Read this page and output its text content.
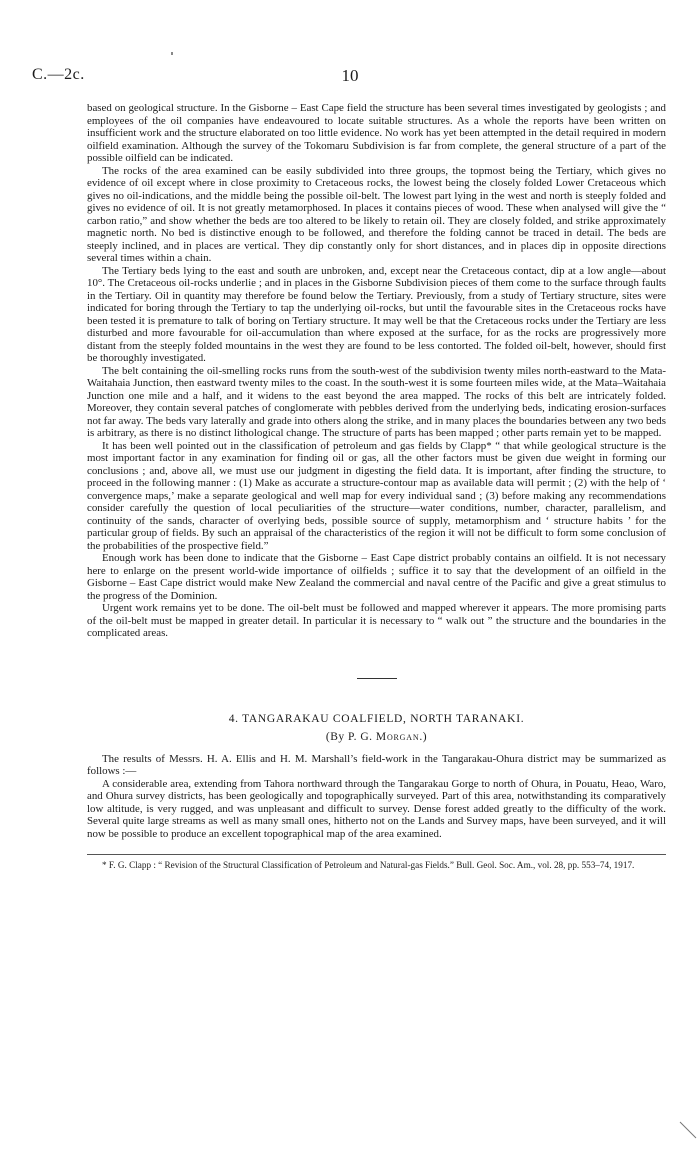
C.—2c.	10

based on geological structure. In the Gisborne – East Cape field the structure has been several times investigated by geologists ; and employees of the oil companies have endeavoured to locate suitable structures. As a whole the reports have been written on insufficient work and the structure elaborated on too little evidence. No work has yet been attempted in the detail required in modern oilfield examination. Although the survey of the Tokomaru Subdivision is far from complete, the general structure of a part of the possible oilfield can be indicated.

The rocks of the area examined can be easily subdivided into three groups, the topmost being the Tertiary, which gives no evidence of oil except where in close proximity to Cretaceous rocks, the lowest being the closely folded Lower Cretaceous which gives no oil-indications, and the middle being the possible oil-belt. The lowest part lying in the west and north is steeply folded and gives no evidence of oil. It is not greatly metamorphosed. In places it contains pieces of wood. These when analysed will give the “ carbon ratio,” and show whether the beds are too altered to be likely to retain oil. They are closely folded, and strike approximately magnetic north. No bed is distinctive enough to be followed, and therefore the folding cannot be traced in detail. The beds are steeply inclined, and in places are vertical. They dip constantly only for short distances, and in places dip in opposite directions several times within a chain.

The Tertiary beds lying to the east and south are unbroken, and, except near the Cretaceous contact, dip at a low angle—about 10°. The Cretaceous oil-rocks underlie ; and in places in the Gisborne Subdivision pieces of them come to the surface through faults in the Tertiary. Oil in quantity may therefore be found below the Tertiary. Previously, from a study of Tertiary structure, sites were indicated for boring through the Tertiary to tap the underlying oil-rocks, but until the favourable sites in the Cretaceous rocks have been tested it is premature to talk of boring on Tertiary structure. It may well be that the Cretaceous rocks under the Tertiary are less disturbed and more favourable for oil-accumulation than where exposed at the surface, for as the rocks are progressively more distant from the steeply folded mountains in the west they are found to be less contorted. The folded oil-belt, however, should first be thoroughly investigated.

The belt containing the oil-smelling rocks runs from the south-west of the subdivision twenty miles north-eastward to the Mata-Waitahaia Junction, then eastward twenty miles to the coast. In the south-west it is some fourteen miles wide, at the Mata–Waitahaia Junction one mile and a half, and it widens to the east beyond the area mapped. The rocks of this belt are intricately folded. Moreover, they contain several patches of conglomerate with pebbles derived from the underlying beds, indicating erosion-surfaces not far away. The beds vary laterally and grade into others along the strike, and in many places the boundaries between any two beds is arbitrary, as there is no distinct lithological change. The structure of parts has been mapped ; other parts remain yet to be mapped.

It has been well pointed out in the classification of petroleum and gas fields by Clapp* “ that while geological structure is the most important factor in any examination for finding oil or gas, all the other factors must be given due weight in forming our conclusions ; and, above all, we must use our judgment in digesting the field data. It is important, after finding the structure, to proceed in the following manner : (1) Make as accurate a structure-contour map as available data will permit ; (2) with the help of ‘ convergence maps,’ make a separate geological and well map for every individual sand ; (3) before making any recommendations consider carefully the question of local peculiarities of the structure—water conditions, number, character, parallelism, and continuity of the sands, character of overlying beds, possible source of supply, metamorphism and ‘ structure habits ’ for the particular group of fields. By such an appraisal of the characteristics of the region it will not be difficult to form some conclusion of the probabilities of the prospective field.”

Enough work has been done to indicate that the Gisborne – East Cape district probably contains an oilfield. It is not necessary here to enlarge on the present world-wide importance of oilfields ; suffice it to say that the development of an oilfield in the Gisborne – East Cape district would make New Zealand the commercial and naval centre of the Pacific and give a great stimulus to the progress of the Dominion.

Urgent work remains yet to be done. The oil-belt must be followed and mapped wherever it appears. The more promising parts of the oil-belt must be mapped in greater detail. In particular it is necessary to “ walk out ” the structure and the boundaries in the complicated areas.

4. TANGARAKAU COALFIELD, NORTH TARANAKI.
(By P. G. Morgan.)

The results of Messrs. H. A. Ellis and H. M. Marshall’s field-work in the Tangarakau-Ohura district may be summarized as follows :—

A considerable area, extending from Tahora northward through the Tangarakau Gorge to north of Ohura, in Pouatu, Heao, Waro, and Ohura survey districts, has been geologically and topographically surveyed. Part of this area, notwithstanding its comparatively low altitude, is very rugged, and was unpleasant and difficult to survey. Dense forest added greatly to the difficulty of the work. Several quite large streams as well as many small ones, hitherto not on the Lands and Survey maps, have been surveyed, and it will now be possible to produce an excellent topographical map of the area examined.

* F. G. Clapp : “ Revision of the Structural Classification of Petroleum and Natural-gas Fields.” Bull. Geol. Soc. Am., vol. 28, pp. 553–74, 1917.
